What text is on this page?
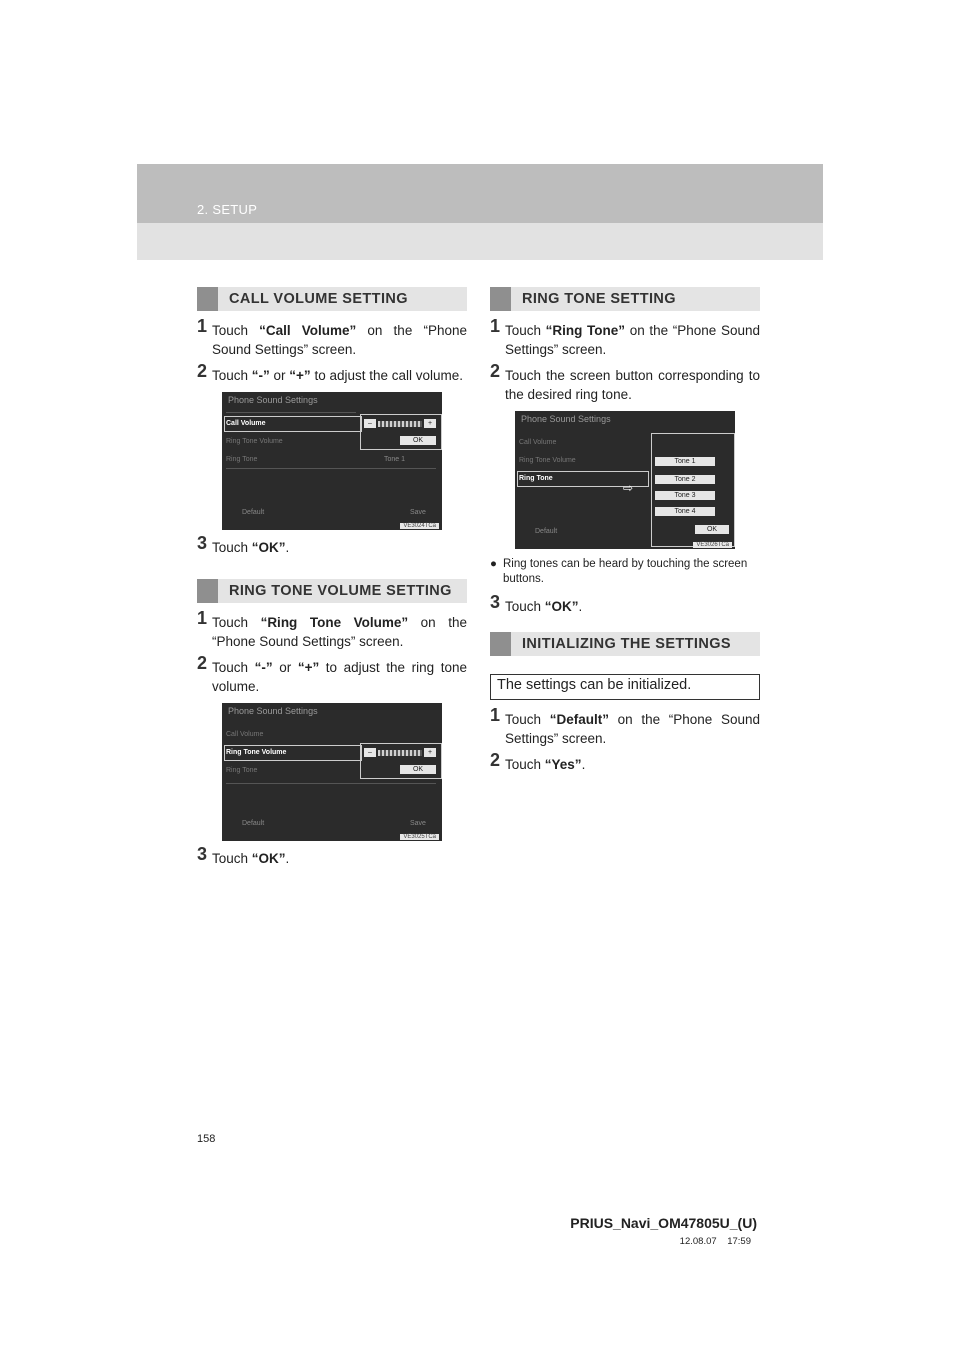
2. SETUP
CALL VOLUME SETTING
1 Touch “Call Volume” on the “Phone Sound Settings” screen.
2 Touch “-” or “+” to adjust the call volume.
Phone Sound Settings
Call Volume	–	+
OK
Ring Tone Volume
Ring Tone	Tone 1
Default	Save
VE3024TCa
3 Touch “OK”.
RING TONE VOLUME SETTING
1 Touch “Ring Tone Volume” on the “Phone Sound Settings” screen.
2 Touch “-” or “+” to adjust the ring tone volume.
Phone Sound Settings
Call Volume
Ring Tone Volume	–	+
OK
Ring Tone
Default	Save
VE3025TCa
3 Touch “OK”.
RING TONE SETTING
1 Touch “Ring Tone” on the “Phone Sound Settings” screen.
2 Touch the screen button corresponding to the desired ring tone.
Phone Sound Settings
Call Volume
Ring Tone Volume
Ring Tone
⇨
Tone 1
Tone 2
Tone 3
Tone 4
OK
Default
VE3026TCa
● Ring tones can be heard by touching the screen buttons.
3 Touch “OK”.
INITIALIZING THE SETTINGS
The settings can be initialized.
1 Touch “Default” on the “Phone Sound Settings” screen.
2 Touch “Yes”.
158
PRIUS_Navi_OM47805U_(U)
12.08.07 17:59
